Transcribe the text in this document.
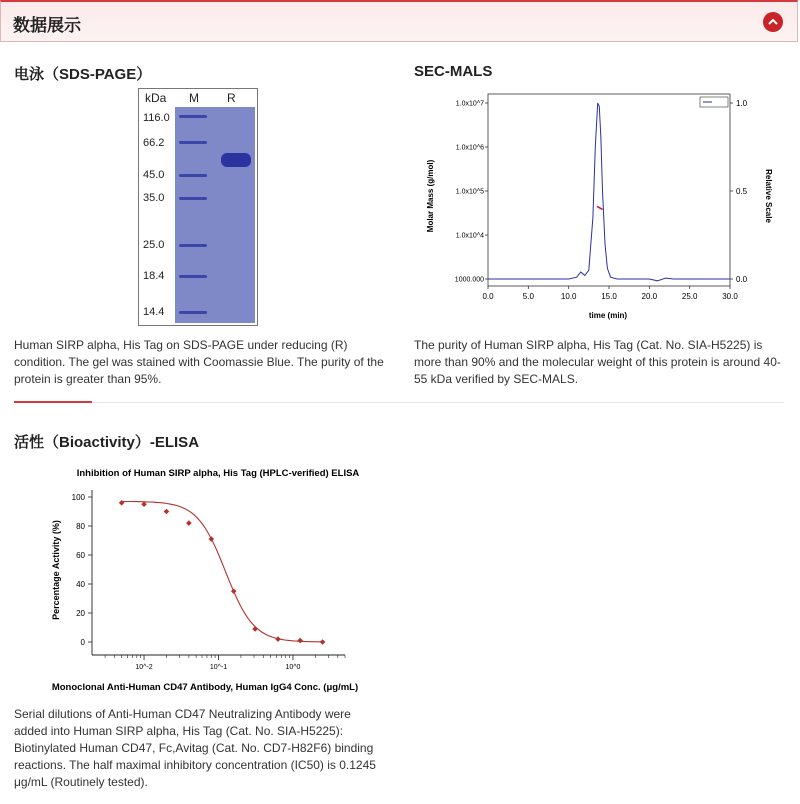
数据展示
电泳（SDS-PAGE）
kDa M R
116.0
66.2
45.0
35.0
25.0
18.4
14.4
Human SIRP alpha, His Tag on SDS-PAGE under reducing (R) condition. The gel was stained with Coomassie Blue. The purity of the protein is greater than 95%.
SEC-MALS
time (min)
Molar Mass (g/mol)	Relative Scale
0.0	5.0	10.0	15.0	20.0	25.0	30.0
1000.000
1.0x10^4
1.0x10^5
1.0x10^6
1.0x10^7
0.0
0.5
1.0
The purity of Human SIRP alpha, His Tag (Cat. No. SIA-H5225) is more than 90% and the molecular weight of this protein is around 40-55 kDa verified by SEC-MALS.
活性（Bioactivity）-ELISA
Inhibition of Human SIRP alpha, His Tag (HPLC-verified) ELISA
Monoclonal Anti-Human CD47 Antibody, Human IgG4 Conc. (μg/mL)
Percentage Activity (%)
0
20
40
60
80
100
10^-2	10^-1	10^0
Serial dilutions of Anti-Human CD47 Neutralizing Antibody were added into Human SIRP alpha, His Tag (Cat. No. SIA-H5225): Biotinylated Human CD47, Fc,Avitag (Cat. No. CD7-H82F6) binding reactions. The half maximal inhibitory concentration (IC50) is 0.1245 μg/mL (Routinely tested).
